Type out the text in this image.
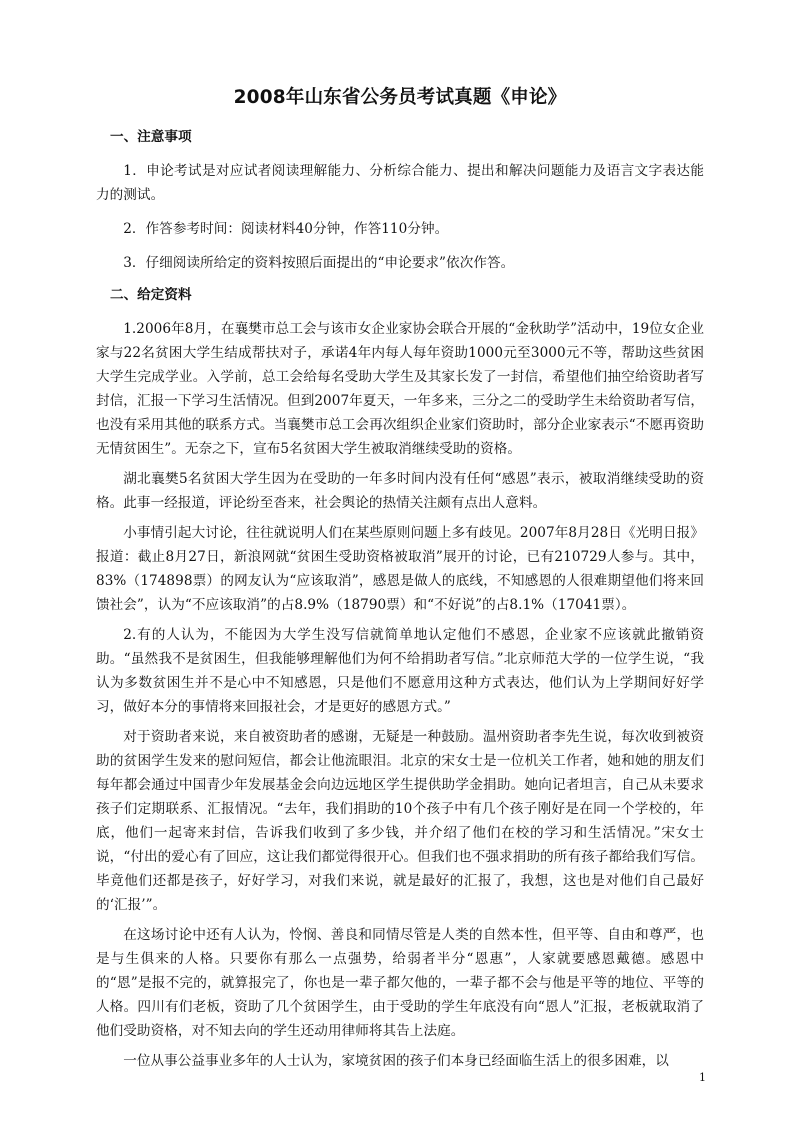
2008年山东省公务员考试真题《申论》
一、注意事项

1．申论考试是对应试者阅读理解能力、分析综合能力、提出和解决问题能力及语言文字表达能力的测试。

2．作答参考时间：阅读材料40分钟，作答110分钟。

3．仔细阅读所给定的资料按照后面提出的“申论要求”依次作答。

二、给定资料

1.2006年8月，在襄樊市总工会与该市女企业家协会联合开展的“金秋助学”活动中，19位女企业家与22名贫困大学生结成帮扶对子，承诺4年内每人每年资助1000元至3000元不等，帮助这些贫困大学生完成学业。入学前，总工会给每名受助大学生及其家长发了一封信，希望他们抽空给资助者写封信，汇报一下学习生活情况。但到2007年夏天，一年多来，三分之二的受助学生未给资助者写信，也没有采用其他的联系方式。当襄樊市总工会再次组织企业家们资助时，部分企业家表示“不愿再资助无情贫困生”。无奈之下，宣布5名贫困大学生被取消继续受助的资格。

湖北襄樊5名贫困大学生因为在受助的一年多时间内没有任何“感恩”表示，被取消继续受助的资格。此事一经报道，评论纷至沓来，社会舆论的热情关注颇有点出人意料。

小事情引起大讨论，往往就说明人们在某些原则问题上多有歧见。2007年8月28日《光明日报》报道：截止8月27日，新浪网就“贫困生受助资格被取消”展开的讨论，已有210729人参与。其中，83%（174898票）的网友认为“应该取消”，感恩是做人的底线，不知感恩的人很难期望他们将来回馈社会”，认为“不应该取消”的占8.9%（18790票）和“不好说”的占8.1%（17041票）。

2.有的人认为，不能因为大学生没写信就简单地认定他们不感恩，企业家不应该就此撤销资助。“虽然我不是贫困生，但我能够理解他们为何不给捐助者写信。”北京师范大学的一位学生说，“我认为多数贫困生并不是心中不知感恩，只是他们不愿意用这种方式表达，他们认为上学期间好好学习，做好本分的事情将来回报社会，才是更好的感恩方式。”

对于资助者来说，来自被资助者的感谢，无疑是一种鼓励。温州资助者李先生说，每次收到被资助的贫困学生发来的慰问短信，都会让他流眼泪。北京的宋女士是一位机关工作者，她和她的朋友们每年都会通过中国青少年发展基金会向边远地区学生提供助学金捐助。她向记者坦言，自己从未要求孩子们定期联系、汇报情况。“去年，我们捐助的10个孩子中有几个孩子刚好是在同一个学校的，年底，他们一起寄来封信，告诉我们收到了多少钱，并介绍了他们在校的学习和生活情况。”宋女士说，“付出的爱心有了回应，这让我们都觉得很开心。但我们也不强求捐助的所有孩子都给我们写信。毕竟他们还都是孩子，好好学习，对我们来说，就是最好的汇报了，我想，这也是对他们自己最好的‘汇报’”。

在这场讨论中还有人认为，怜悯、善良和同情尽管是人类的自然本性，但平等、自由和尊严，也是与生俱来的人格。只要你有那么一点强势，给弱者半分“恩惠”，人家就要感恩戴德。感恩中的“恩”是报不完的，就算报完了，你也是一辈子都欠他的，一辈子都不会与他是平等的地位、平等的人格。四川有们老板，资助了几个贫困学生，由于受助的学生年底没有向“恩人”汇报，老板就取消了他们受助资格，对不知去向的学生还动用律师将其告上法庭。

一位从事公益事业多年的人士认为，家境贫困的孩子们本身已经面临生活上的很多困难，以

1
